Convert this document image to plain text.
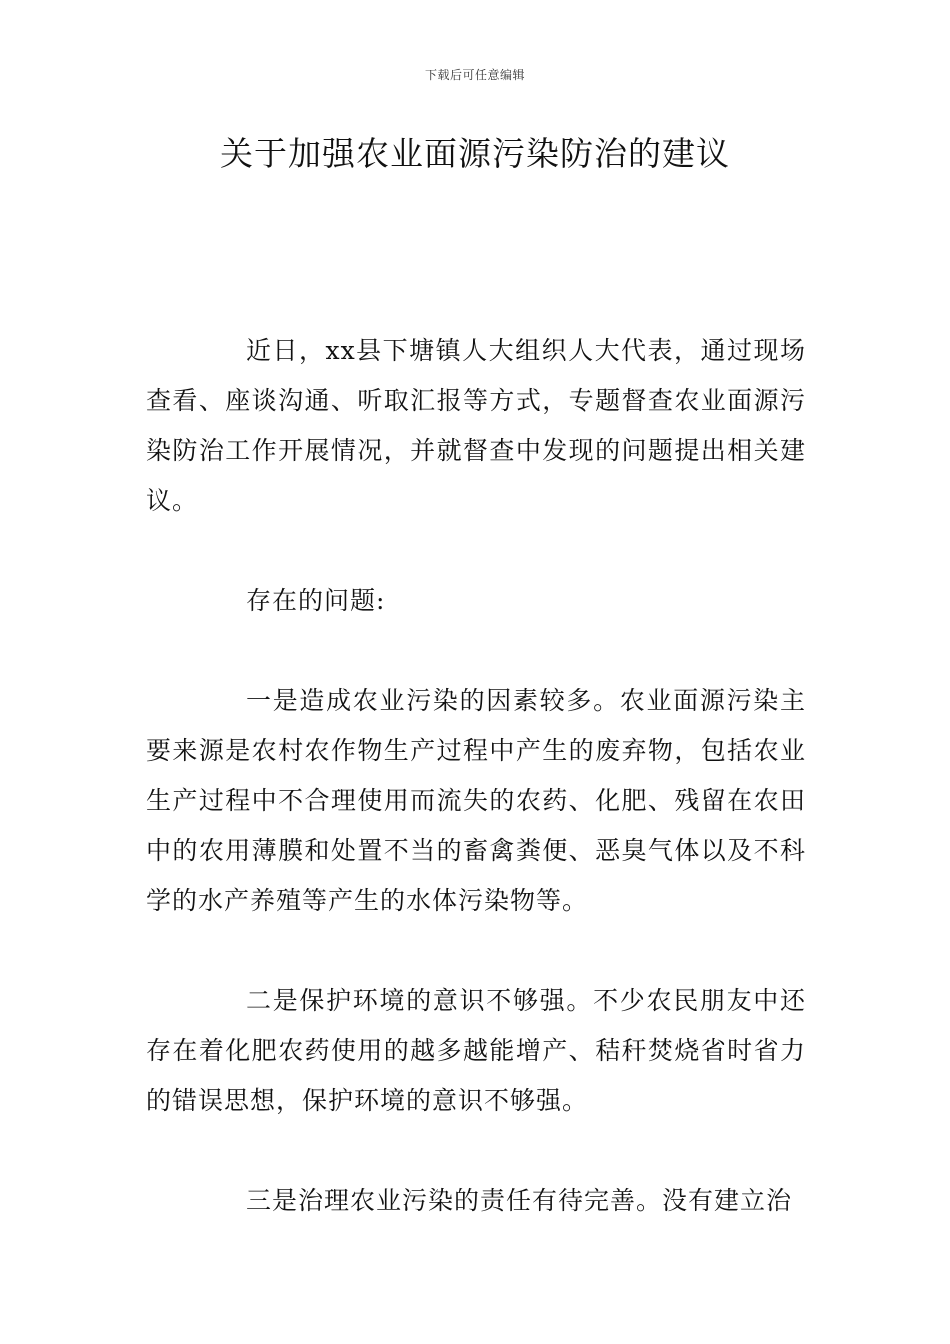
下载后可任意编辑
关于加强农业面源污染防治的建议

近日，xx县下塘镇人大组织人大代表，通过现场查看、座谈沟通、听取汇报等方式，专题督查农业面源污染防治工作开展情况，并就督查中发现的问题提出相关建议。

存在的问题:

一是造成农业污染的因素较多。农业面源污染主要来源是农村农作物生产过程中产生的废弃物，包括农业生产过程中不合理使用而流失的农药、化肥、残留在农田中的农用薄膜和处置不当的畜禽粪便、恶臭气体以及不科学的水产养殖等产生的水体污染物等。

二是保护环境的意识不够强。不少农民朋友中还存在着化肥农药使用的越多越能增产、秸秆焚烧省时省力的错误思想，保护环境的意识不够强。

三是治理农业污染的责任有待完善。没有建立治
